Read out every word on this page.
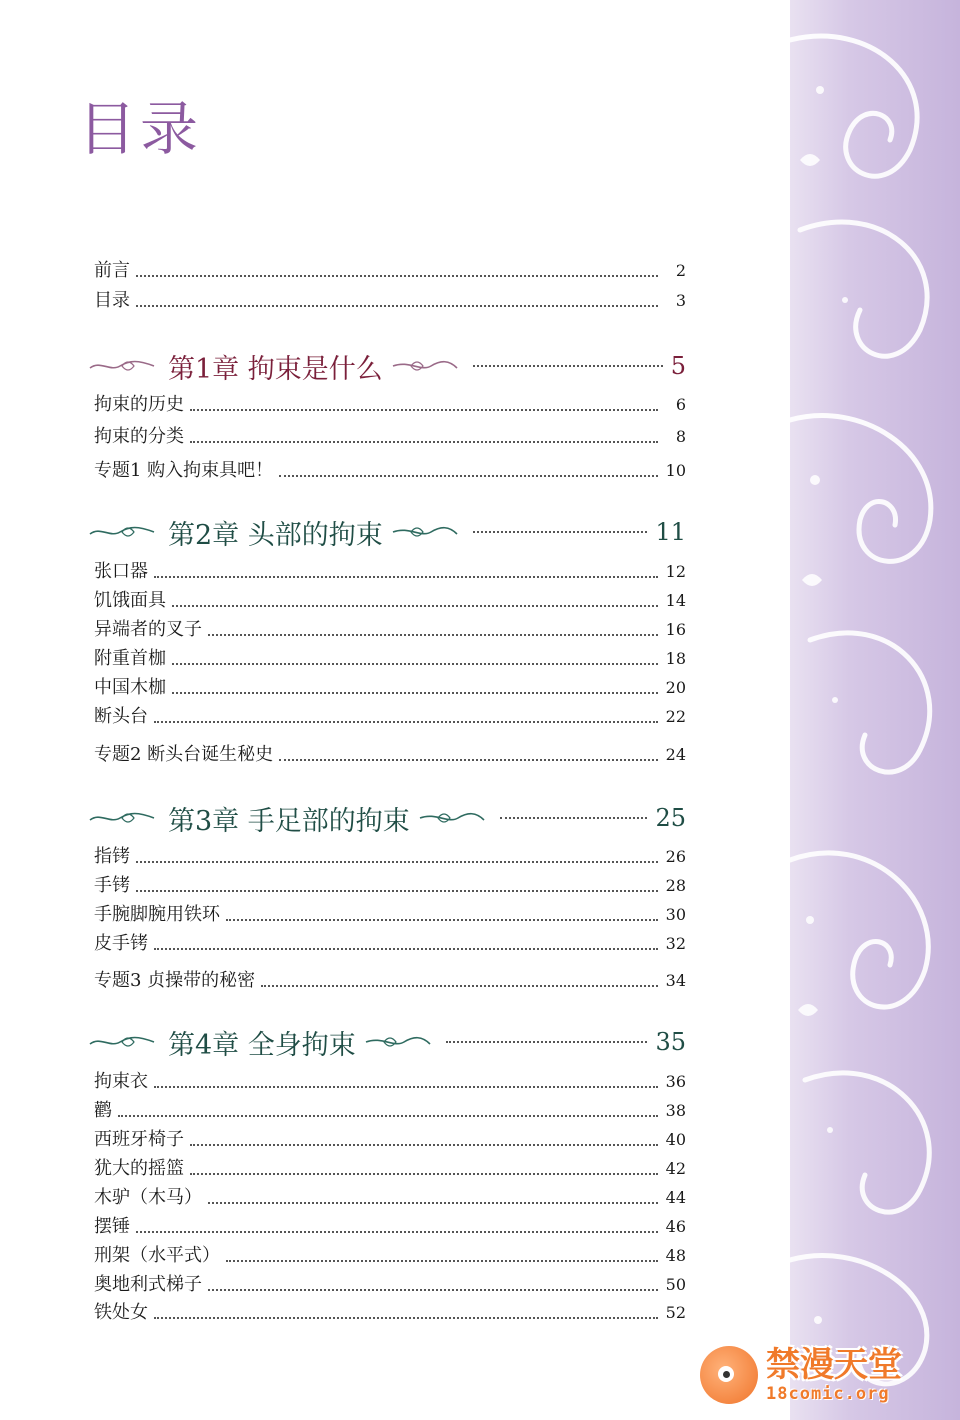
目录
前言	2
目录	3
第1章 拘束是什么	5
拘束的历史	6
拘束的分类	8
专题1 购入拘束具吧！	10
第2章 头部的拘束	11
张口器	12
饥饿面具	14
异端者的叉子	16
附重首枷	18
中国木枷	20
断头台	22
专题2 断头台诞生秘史	24
第3章 手足部的拘束	25
指铐	26
手铐	28
手腕脚腕用铁环	30
皮手铐	32
专题3 贞操带的秘密	34
第4章 全身拘束	35
拘束衣	36
鹳	38
西班牙椅子	40
犹大的摇篮	42
木驴（木马）	44
摆锤	46
刑架（水平式）	48
奥地利式梯子	50
铁处女	52
禁漫天堂
18comic.org
